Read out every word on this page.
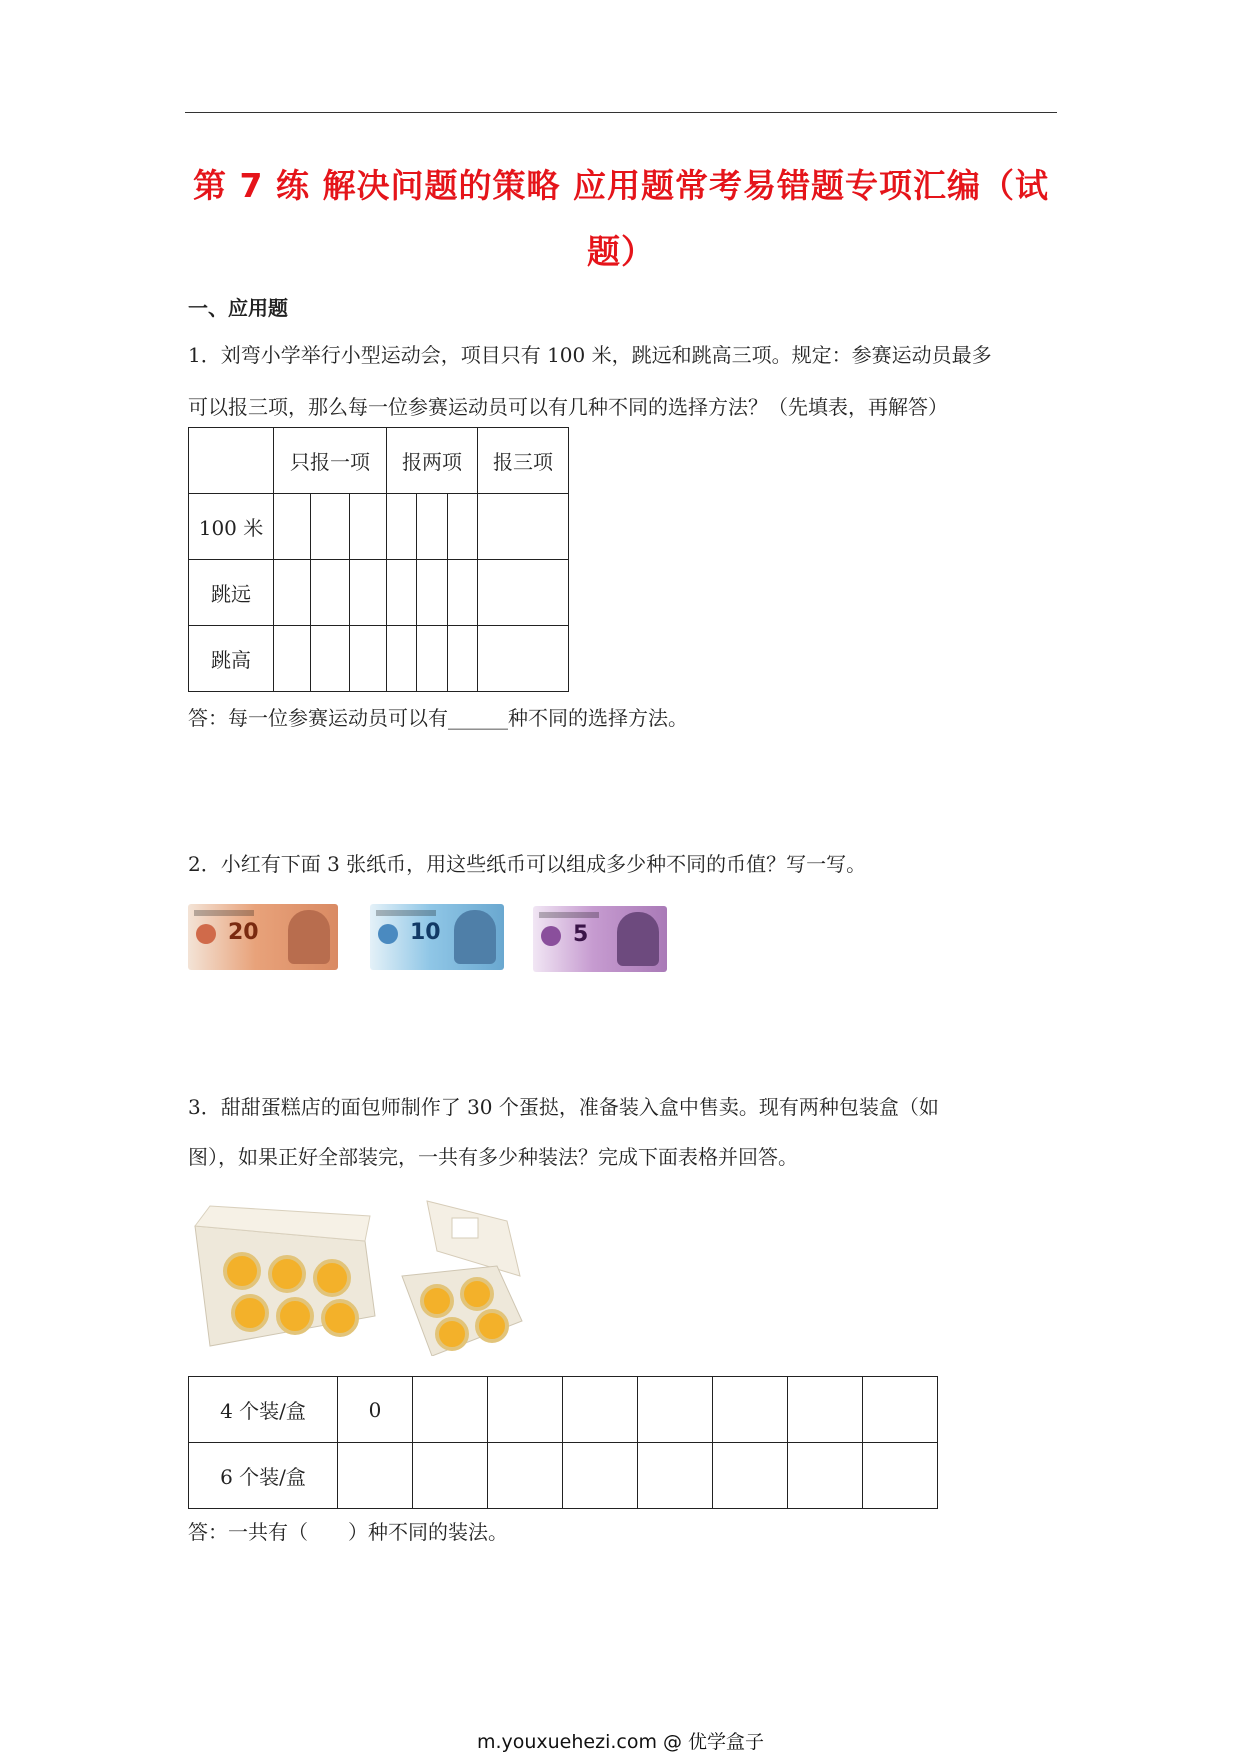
第 7 练 解决问题的策略 应用题常考易错题专项汇编（试
题）
一、应用题
1．刘弯小学举行小型运动会，项目只有 100 米，跳远和跳高三项。规定：参赛运动员最多
可以报三项，那么每一位参赛运动员可以有几种不同的选择方法？（先填表，再解答）
	只报一项			报两项			报三项
100 米							
跳远							
跳高							
答：每一位参赛运动员可以有______种不同的选择方法。
2．小红有下面 3 张纸币，用这些纸币可以组成多少种不同的币值？写一写。
20	10	5
3．甜甜蛋糕店的面包师制作了 30 个蛋挞，准备装入盒中售卖。现有两种包装盒（如
图），如果正好全部装完，一共有多少种装法？完成下面表格并回答。
4 个装/盒	0							
6 个装/盒								
答：一共有（　　）种不同的装法。
m.youxuehezi.com @ 优学盒子
